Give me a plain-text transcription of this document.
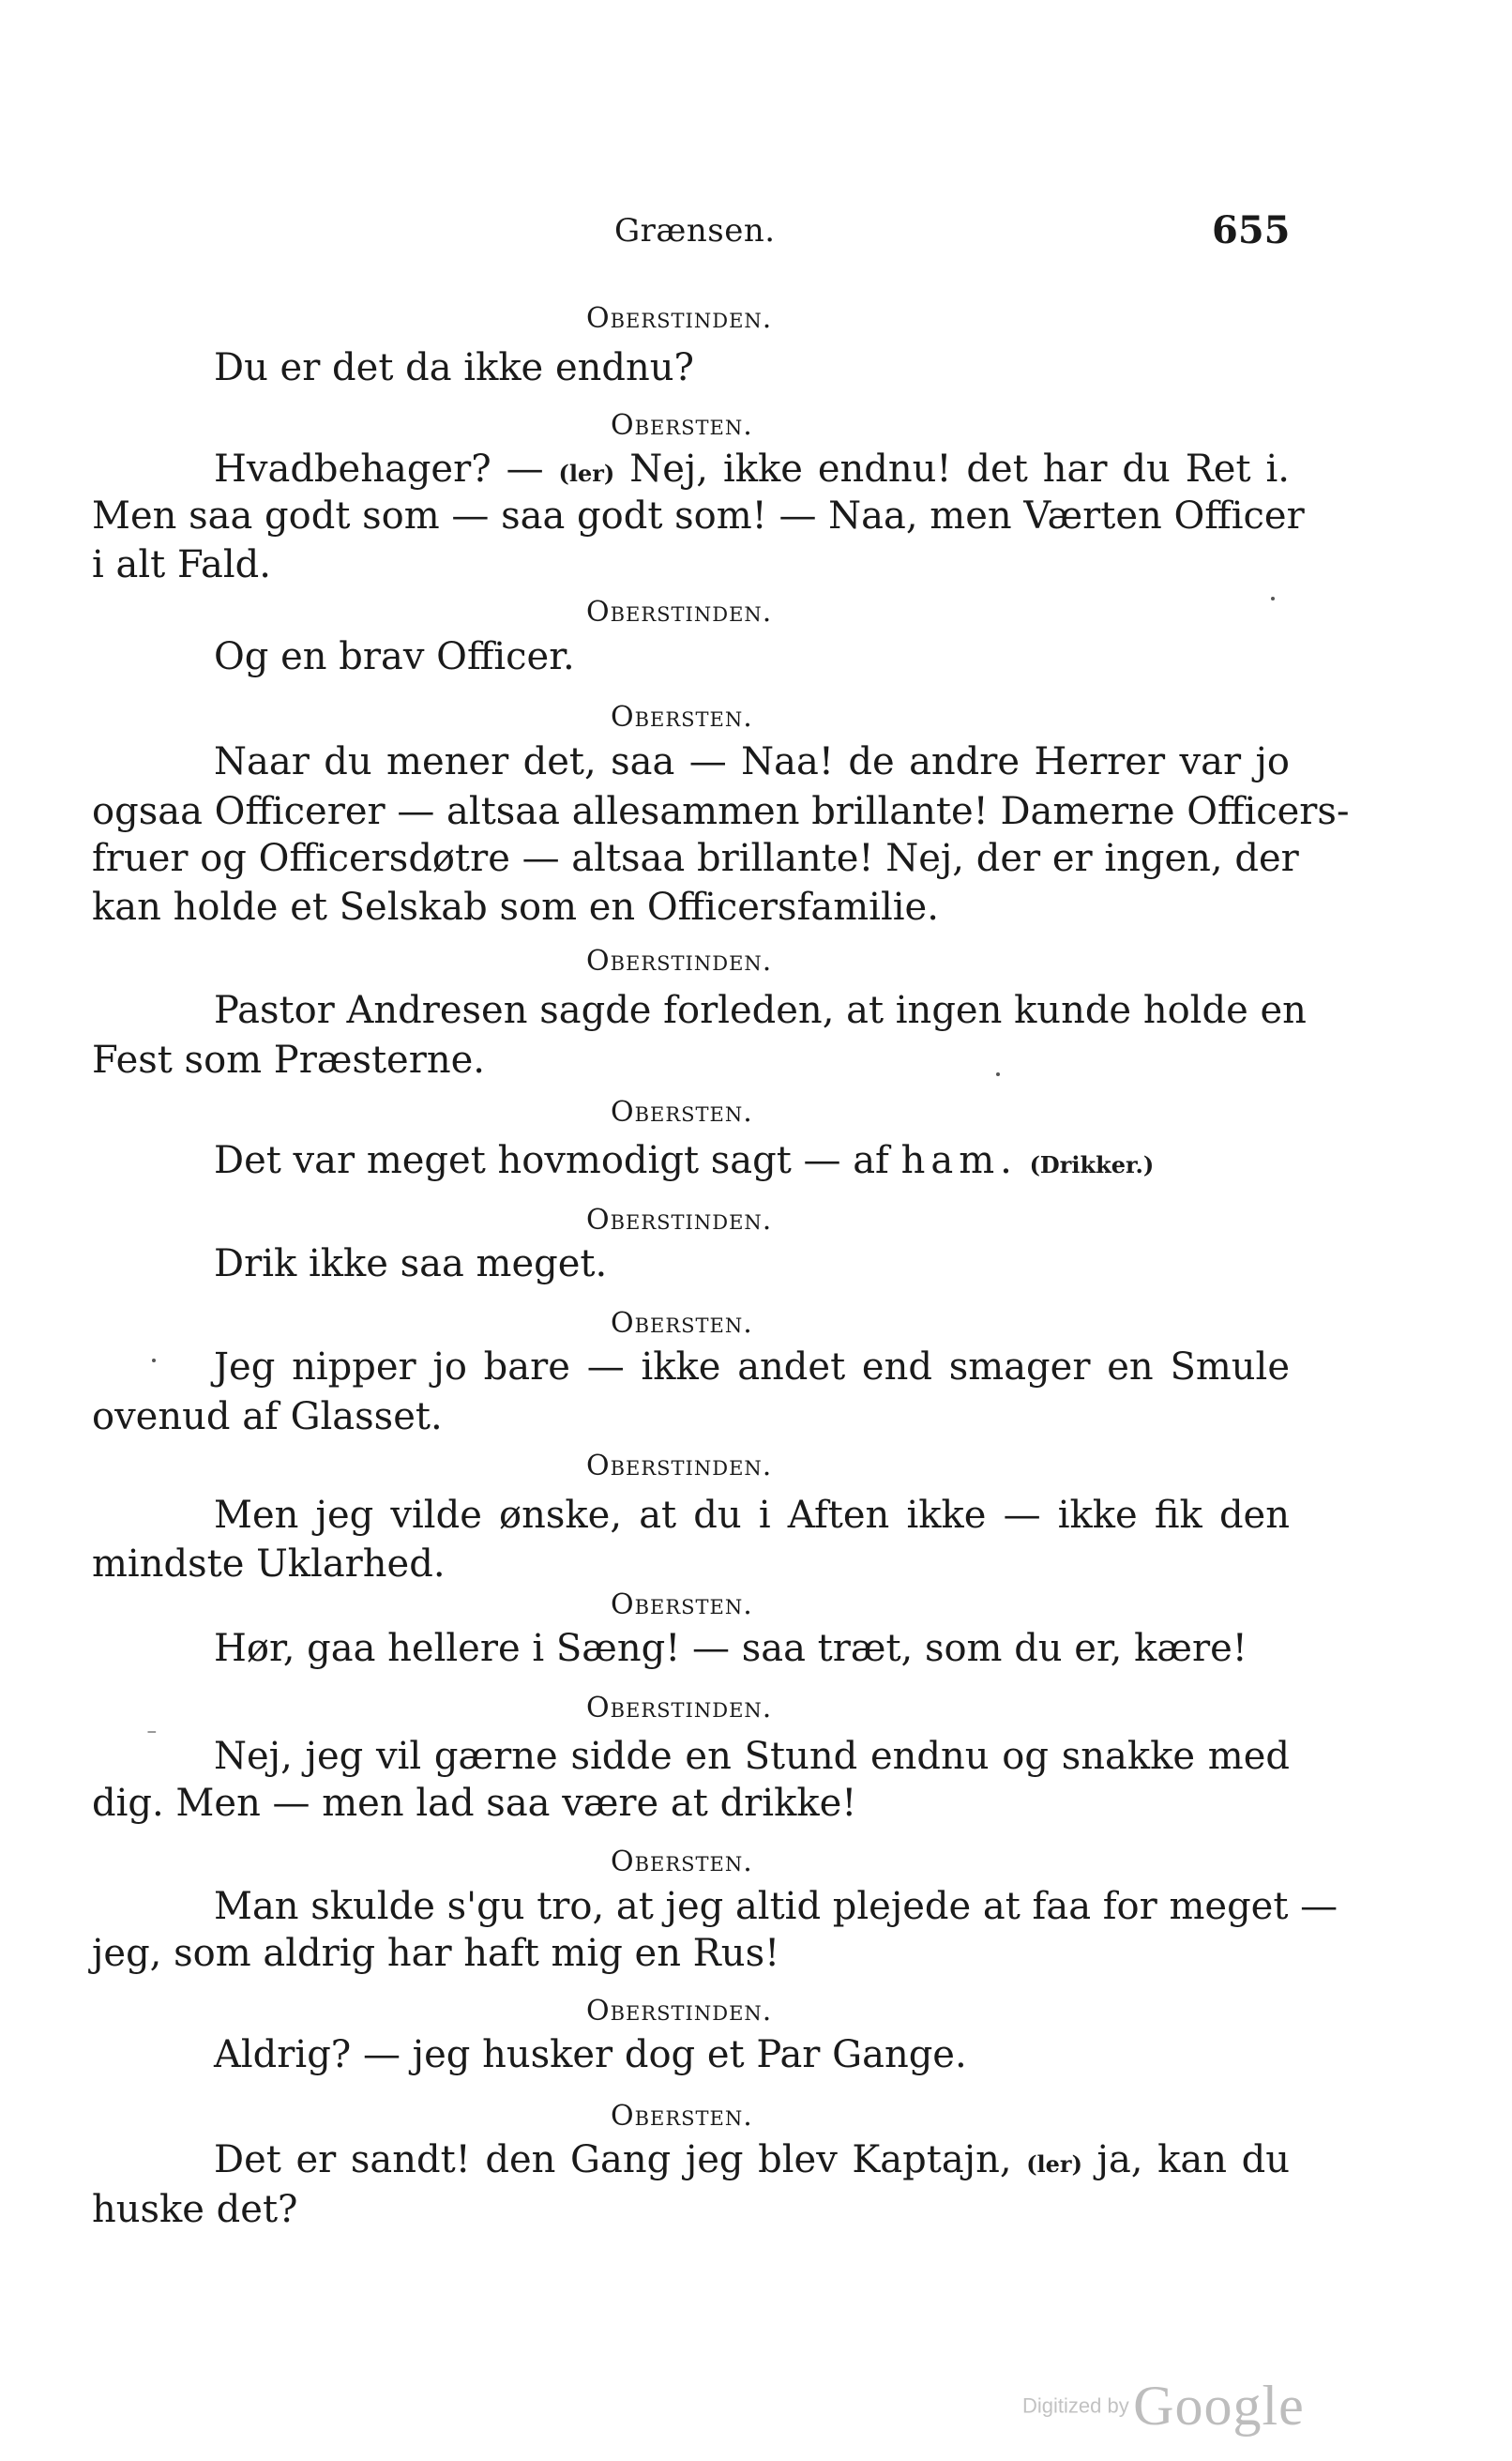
Grænsen.	655
Oberstinden.
Du er det da ikke endnu?
Obersten.
Hvadbehager? — (ler) Nej, ikke endnu! det har du Ret i.
Men saa godt som — saa godt som! — Naa, men Værten Officer
i alt Fald.
Oberstinden.
Og en brav Officer.
Obersten.
Naar du mener det, saa — Naa! de andre Herrer var jo
ogsaa Officerer — altsaa allesammen brillante! Damerne Officers-
fruer og Officersdøtre — altsaa brillante! Nej, der er ingen, der
kan holde et Selskab som en Officersfamilie.
Oberstinden.
Pastor Andresen sagde forleden, at ingen kunde holde en
Fest som Præsterne.
Obersten.
Det var meget hovmodigt sagt — af ham. (Drikker.)
Oberstinden.
Drik ikke saa meget.
Obersten.
Jeg nipper jo bare — ikke andet end smager en Smule
ovenud af Glasset.
Oberstinden.
Men jeg vilde ønske, at du i Aften ikke — ikke fik den
mindste Uklarhed.
Obersten.
Hør, gaa hellere i Sæng! — saa træt, som du er, kære!
Oberstinden.
Nej, jeg vil gærne sidde en Stund endnu og snakke med
dig. Men — men lad saa være at drikke!
Obersten.
Man skulde s'gu tro, at jeg altid plejede at faa for meget —
jeg, som aldrig har haft mig en Rus!
Oberstinden.
Aldrig? — jeg husker dog et Par Gange.
Obersten.
Det er sandt! den Gang jeg blev Kaptajn, (ler) ja, kan du
huske det?
⁻
Digitized by Google
